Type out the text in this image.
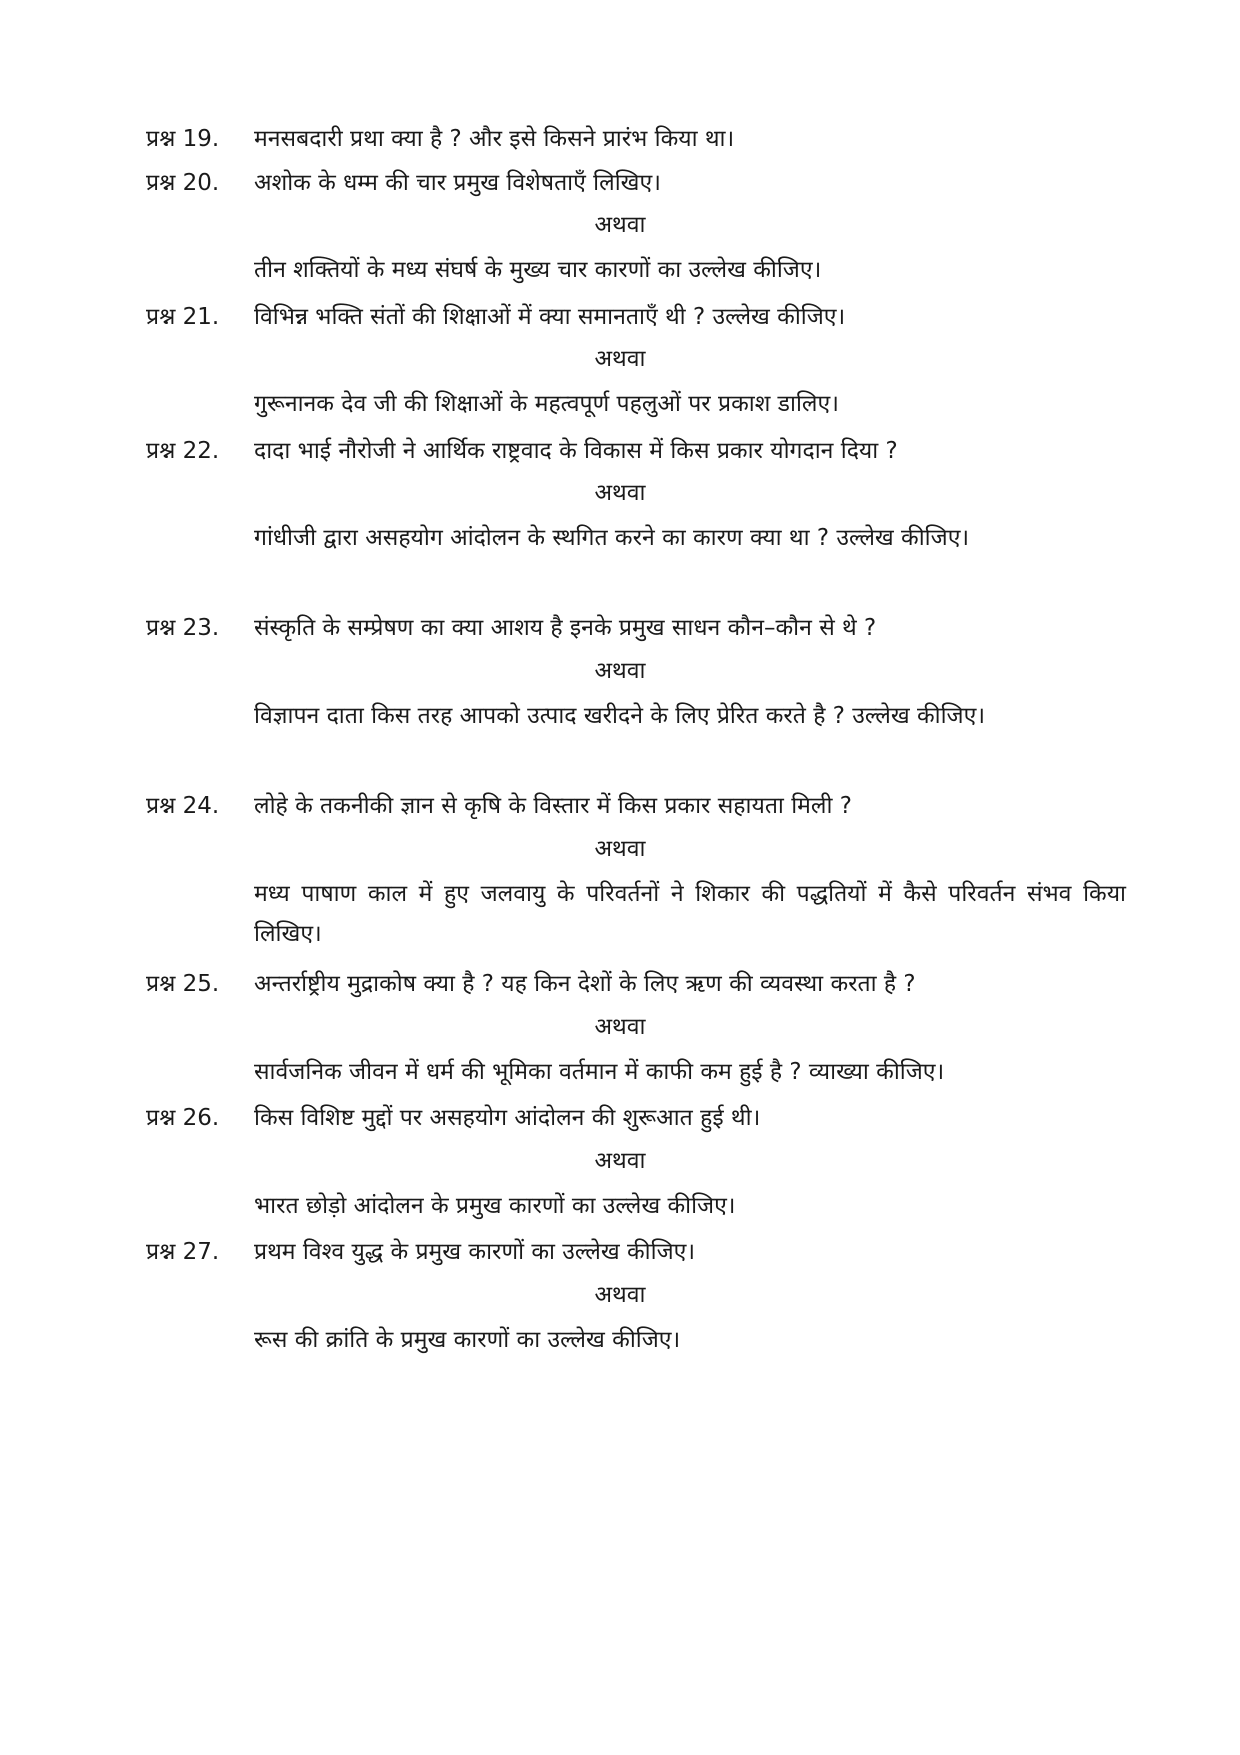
प्रश्न 19.	मनसबदारी प्रथा क्या है ? और इसे किसने प्रारंभ किया था।
प्रश्न 20.	अशोक के धम्म की चार प्रमुख विशेषताएँ लिखिए।
अथवा
तीन शक्तियों के मध्य संघर्ष के मुख्य चार कारणों का उल्लेख कीजिए।
प्रश्न 21.	विभिन्न भक्ति संतों की शिक्षाओं में क्या समानताएँ थी ? उल्लेख कीजिए।
अथवा
गुरूनानक देव जी की शिक्षाओं के महत्वपूर्ण पहलुओं पर प्रकाश डालिए।
प्रश्न 22.	दादा भाई नौरोजी ने आर्थिक राष्ट्रवाद के विकास में किस प्रकार योगदान दिया ?
अथवा
गांधीजी द्वारा असहयोग आंदोलन के स्थगित करने का कारण क्या था ? उल्लेख कीजिए।
प्रश्न 23.	संस्कृति के सम्प्रेषण का क्या आशय है इनके प्रमुख साधन कौन–कौन से थे ?
अथवा
विज्ञापन दाता किस तरह आपको उत्पाद खरीदने के लिए प्रेरित करते है ? उल्लेख कीजिए।
प्रश्न 24.	लोहे के तकनीकी ज्ञान से कृषि के विस्तार में किस प्रकार सहायता मिली ?
अथवा
मध्य पाषाण काल में हुए जलवायु के परिवर्तनों ने शिकार की पद्धतियों में कैसे परिवर्तन संभव किया लिखिए।
प्रश्न 25.	अन्तर्राष्ट्रीय मुद्राकोष क्या है ? यह किन देशों के लिए ऋण की व्यवस्था करता है ?
अथवा
सार्वजनिक जीवन में धर्म की भूमिका वर्तमान में काफी कम हुई है ? व्याख्या कीजिए।
प्रश्न 26.	किस विशिष्ट मुद्दों पर असहयोग आंदोलन की शुरूआत हुई थी।
अथवा
भारत छोड़ो आंदोलन के प्रमुख कारणों का उल्लेख कीजिए।
प्रश्न 27.	प्रथम विश्व युद्ध के प्रमुख कारणों का उल्लेख कीजिए।
अथवा
रूस की क्रांति के प्रमुख कारणों का उल्लेख कीजिए।
